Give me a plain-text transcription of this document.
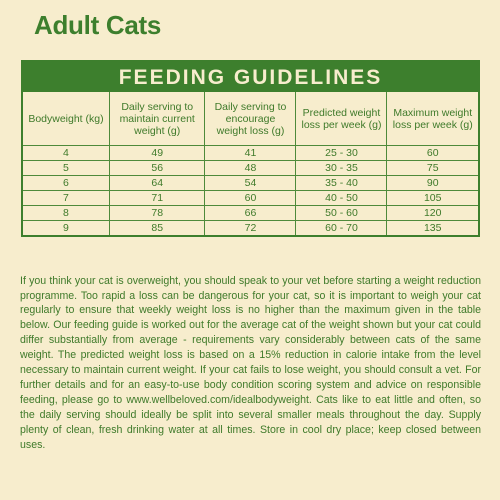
Adult Cats
FEEDING GUIDELINES
Bodyweight (kg)	Daily serving to maintain current weight (g)	Daily serving to encourage weight loss (g)	Predicted weight loss per week (g)	Maximum weight loss per week (g)
4	49	41	25 - 30	60
5	56	48	30 - 35	75
6	64	54	35 - 40	90
7	71	60	40 - 50	105
8	78	66	50 - 60	120
9	85	72	60 - 70	135

If you think your cat is overweight, you should speak to your vet before starting a weight reduction programme. Too rapid a loss can be dangerous for your cat, so it is important to weigh your cat regularly to ensure that weekly weight loss is no higher than the maximum given in the table below. Our feeding guide is worked out for the average cat of the weight shown but your cat could differ substantially from average - requirements vary considerably between cats of the same weight. The predicted weight loss is based on a 15% reduction in calorie intake from the level necessary to maintain current weight. If your cat fails to lose weight, you should consult a vet. For further details and for an easy-to-use body condition scoring system and advice on responsible feeding, please go to www.wellbeloved.com/idealbodyweight. Cats like to eat little and often, so the daily serving should ideally be split into several smaller meals throughout the day. Supply plenty of clean, fresh drinking water at all times. Store in cool dry place; keep closed between uses.
